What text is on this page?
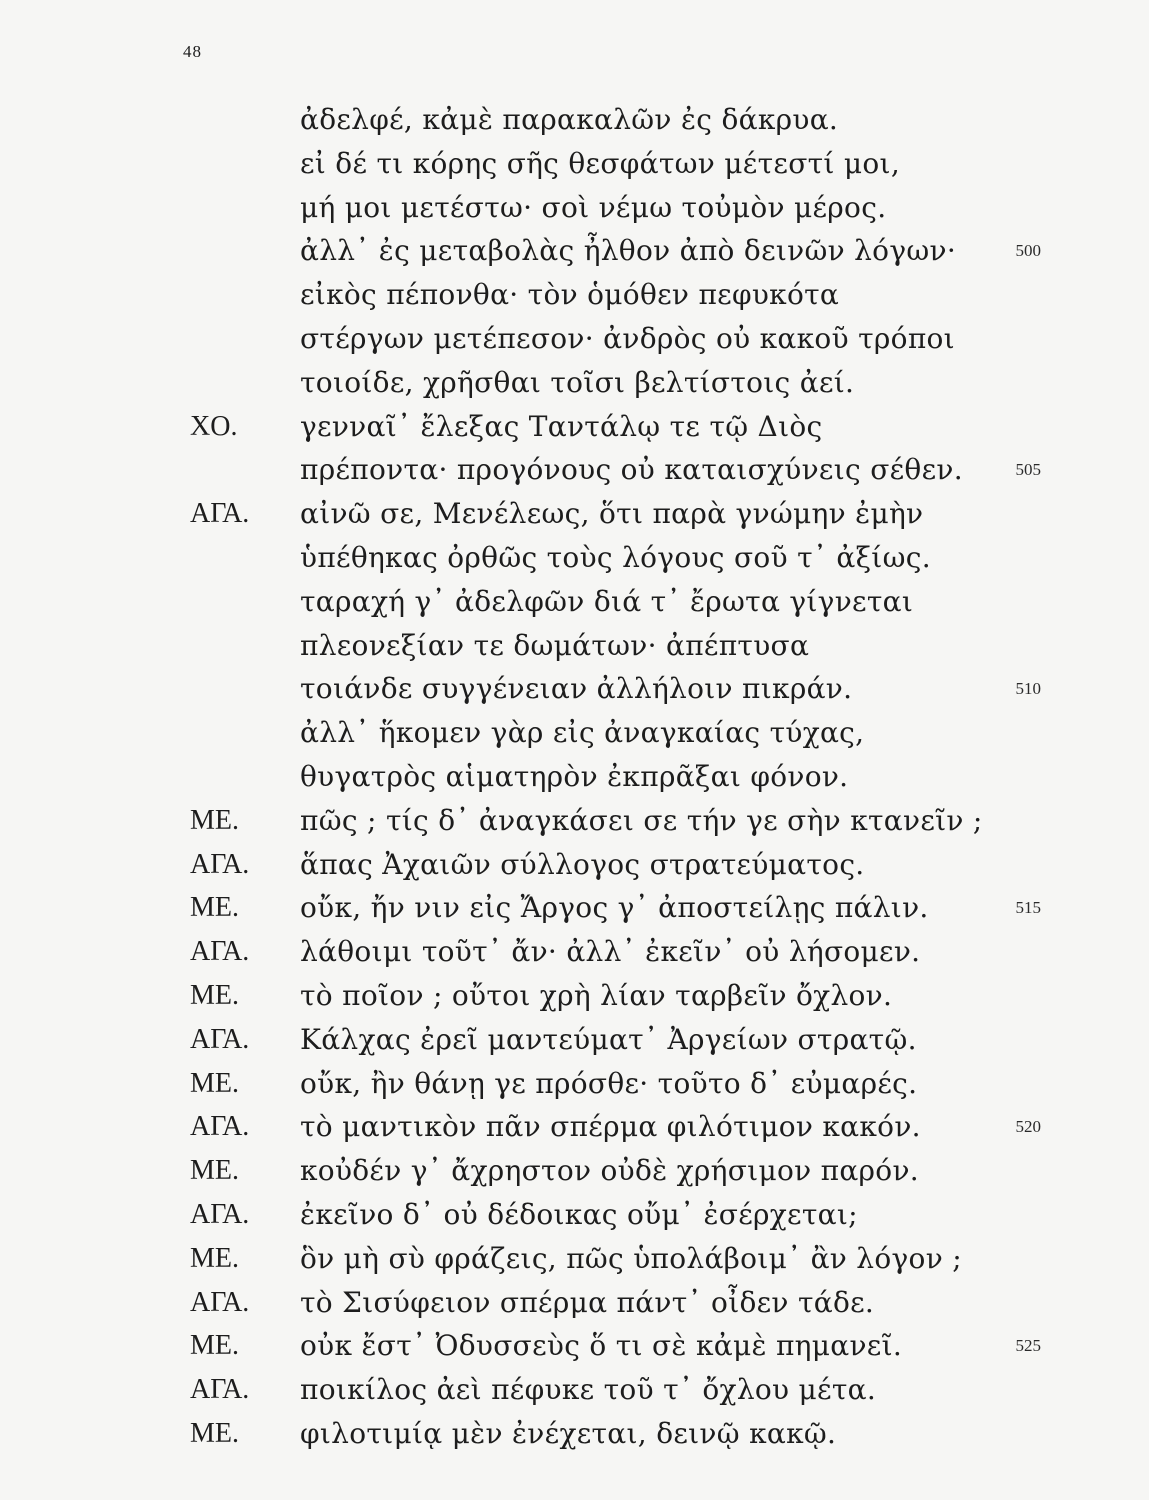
48
ἀδελφέ, κἀμὲ παρακαλῶν ἐς δάκρυα.
εἰ δέ τι κόρης σῆς θεσφάτων μέτεστί μοι,
μή μοι μετέστω· σοὶ νέμω τοὐμὸν μέρος.
ἀλλ᾽ ἐς μεταβολὰς ἦλθον ἀπὸ δεινῶν λόγων·	500
εἰκὸς πέπονθα· τὸν ὁμόθεν πεφυκότα
στέργων μετέπεσον· ἀνδρὸς οὐ κακοῦ τρόποι
τοιοίδε, χρῆσθαι τοῖσι βελτίστοις ἀεί.
ΧΟ. γενναῖ᾽ ἔλεξας Ταντάλῳ τε τῷ Διὸς
πρέποντα· προγόνους οὐ καταισχύνεις σέθεν.	505
ΑΓΑ. αἰνῶ σε, Μενέλεως, ὅτι παρὰ γνώμην ἐμὴν
ὑπέθηκας ὀρθῶς τοὺς λόγους σοῦ τ᾽ ἀξίως.
ταραχή γ᾽ ἀδελφῶν διά τ᾽ ἔρωτα γίγνεται
πλεονεξίαν τε δωμάτων· ἀπέπτυσα
τοιάνδε συγγένειαν ἀλλήλοιν πικράν.	510
ἀλλ᾽ ἥκομεν γὰρ εἰς ἀναγκαίας τύχας,
θυγατρὸς αἱματηρὸν ἐκπρᾶξαι φόνον.
ΜΕ. πῶς ; τίς δ᾽ ἀναγκάσει σε τήν γε σὴν κτανεῖν ;
ΑΓΑ. ἅπας Ἀχαιῶν σύλλογος στρατεύματος.
ΜΕ. οὔκ, ἤν νιν εἰς Ἄργος γ᾽ ἀποστείλῃς πάλιν.	515
ΑΓΑ. λάθοιμι τοῦτ᾽ ἄν· ἀλλ᾽ ἐκεῖν᾽ οὐ λήσομεν.
ΜΕ. τὸ ποῖον ; οὔτοι χρὴ λίαν ταρβεῖν ὄχλον.
ΑΓΑ. Κάλχας ἐρεῖ μαντεύματ᾽ Ἀργείων στρατῷ.
ΜΕ. οὔκ, ἢν θάνῃ γε πρόσθε· τοῦτο δ᾽ εὐμαρές.
ΑΓΑ. τὸ μαντικὸν πᾶν σπέρμα φιλότιμον κακόν.	520
ΜΕ. κοὐδέν γ᾽ ἄχρηστον οὐδὲ χρήσιμον παρόν.
ΑΓΑ. ἐκεῖνο δ᾽ οὐ δέδοικας οὔμ᾽ ἐσέρχεται;
ΜΕ. ὃν μὴ σὺ φράζεις, πῶς ὑπολάβοιμ᾽ ἂν λόγον ;
ΑΓΑ. τὸ Σισύφειον σπέρμα πάντ᾽ οἶδεν τάδε.
ΜΕ. οὐκ ἔστ᾽ Ὀδυσσεὺς ὅ τι σὲ κἀμὲ πημανεῖ.	525
ΑΓΑ. ποικίλος ἀεὶ πέφυκε τοῦ τ᾽ ὄχλου μέτα.
ΜΕ. φιλοτιμίᾳ μὲν ἐνέχεται, δεινῷ κακῷ.
